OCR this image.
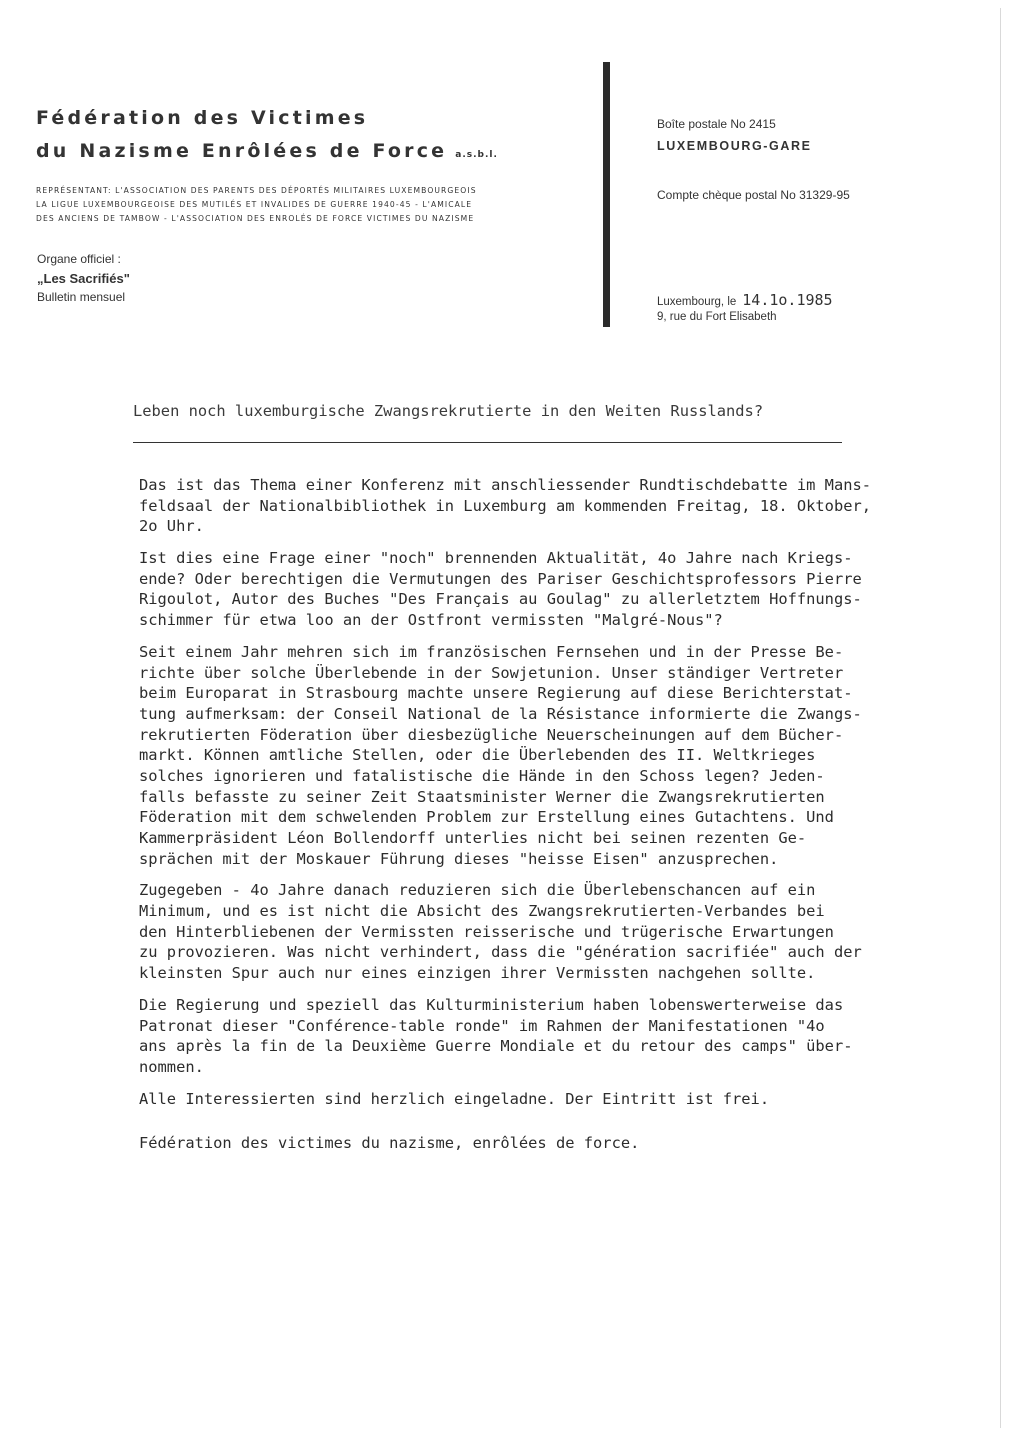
Fédération des Victimes
du Nazisme Enrôlées de Force a.s.b.l.
REPRÉSENTANT: L'ASSOCIATION DES PARENTS DES DÉPORTÉS MILITAIRES LUXEMBOURGEOIS
LA LIGUE LUXEMBOURGEOISE DES MUTILÉS ET INVALIDES DE GUERRE 1940-45 - L'AMICALE
DES ANCIENS DE TAMBOW - L'ASSOCIATION DES ENROLÉS DE FORCE VICTIMES DU NAZISME
Organe officiel :
„Les Sacrifiés"
Bulletin mensuel
Boîte postale No 2415
LUXEMBOURG-GARE
Compte chèque postal No 31329-95
Luxembourg, le 14.1o.1985
9, rue du Fort Elisabeth
Leben noch luxemburgische Zwangsrekrutierte in den Weiten Russlands?
Das ist das Thema einer Konferenz mit anschliessender Rundtischdebatte im Mans-
feldsaal der Nationalbibliothek in Luxemburg am kommenden Freitag, 18. Oktober,
2o Uhr.
Ist dies eine Frage einer "noch" brennenden Aktualität, 4o Jahre nach Kriegs-
ende? Oder berechtigen die Vermutungen des Pariser Geschichtsprofessors Pierre
Rigoulot, Autor des Buches "Des Français au Goulag" zu allerletztem Hoffnungs-
schimmer für etwa loo an der Ostfront vermissten "Malgré-Nous"?
Seit einem Jahr mehren sich im französischen Fernsehen und in der Presse Be-
richte über solche Überlebende in der Sowjetunion. Unser ständiger Vertreter
beim Europarat in Strasbourg machte unsere Regierung auf diese Berichterstat-
tung aufmerksam: der Conseil National de la Résistance informierte die Zwangs-
rekrutierten Föderation über diesbezügliche Neuerscheinungen auf dem Bücher-
markt. Können amtliche Stellen, oder die Überlebenden des II. Weltkrieges
solches ignorieren und fatalistische die Hände in den Schoss legen? Jeden-
falls befasste zu seiner Zeit Staatsminister Werner die Zwangsrekrutierten
Föderation mit dem schwelenden Problem zur Erstellung eines Gutachtens. Und
Kammerpräsident Léon Bollendorff unterlies nicht bei seinen rezenten Ge-
sprächen mit der Moskauer Führung dieses "heisse Eisen" anzusprechen.
Zugegeben - 4o Jahre danach reduzieren sich die Überlebenschancen auf ein
Minimum, und es ist nicht die Absicht des Zwangsrekrutierten-Verbandes bei
den Hinterbliebenen der Vermissten reisserische und trügerische Erwartungen
zu provozieren. Was nicht verhindert, dass die "génération sacrifiée" auch der
kleinsten Spur auch nur eines einzigen ihrer Vermissten nachgehen sollte.
Die Regierung und speziell das Kulturministerium haben lobenswerterweise das
Patronat dieser "Conférence-table ronde" im Rahmen der Manifestationen "4o
ans après la fin de la Deuxième Guerre Mondiale et du retour des camps" über-
nommen.
Alle Interessierten sind herzlich eingeladne. Der Eintritt ist frei.
Fédération des victimes du nazisme, enrôlées de force.
